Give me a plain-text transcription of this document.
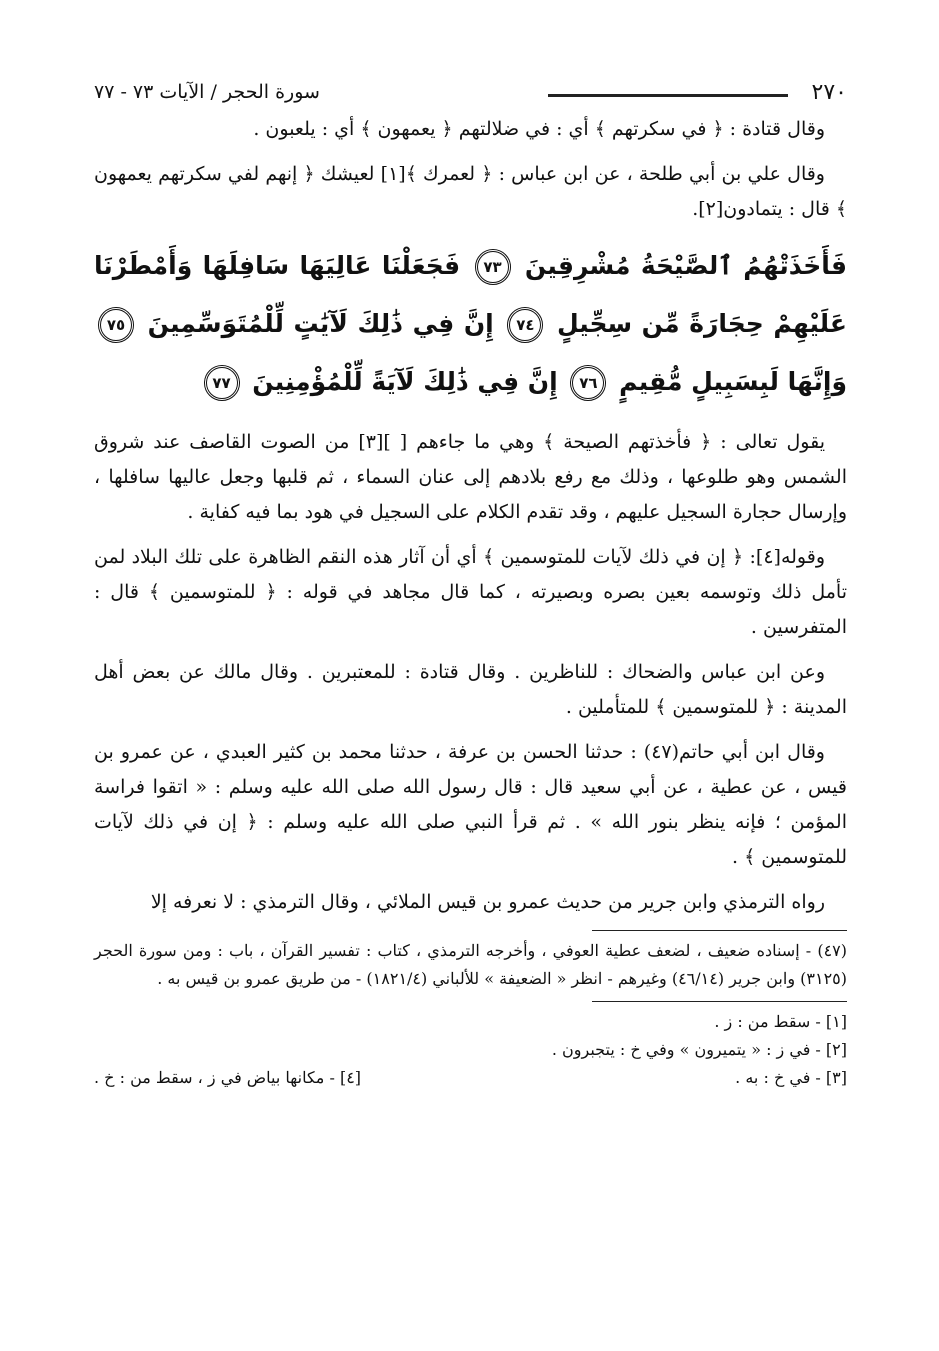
٢٧٠
سورة الحجر / الآيات ٧٣ - ٧٧

وقال قتادة : ﴿ في سكرتهم ﴾ أي : في ضلالتهم ﴿ يعمهون ﴾ أي : يلعبون .

وقال علي بن أبي طلحة ، عن ابن عباس : ﴿ لعمرك ﴾[١] لعيشك ﴿ إنهم لفي سكرتهم يعمهون ﴾ قال : يتمادون[٢].

فَأَخَذَتْهُمُ ٱلصَّيْحَةُ مُشْرِقِينَ ٧٣ فَجَعَلْنَا عَالِيَهَا سَافِلَهَا وَأَمْطَرْنَا عَلَيْهِمْ حِجَارَةً مِّن سِجِّيلٍ ٧٤ إِنَّ فِي ذَٰلِكَ لَآيَٰتٍ لِّلْمُتَوَسِّمِينَ ٧٥ وَإِنَّهَا لَبِسَبِيلٍ مُّقِيمٍ ٧٦ إِنَّ فِي ذَٰلِكَ لَآيَةً لِّلْمُؤْمِنِينَ ٧٧

يقول تعالى : ﴿ فأخذتهم الصيحة ﴾ وهي ما جاءهم [ ][٣] من الصوت القاصف عند شروق الشمس وهو طلوعها ، وذلك مع رفع بلادهم إلى عنان السماء ، ثم قلبها وجعل عاليها سافلها ، وإرسال حجارة السجيل عليهم ، وقد تقدم الكلام على السجيل في هود بما فيه كفاية .

وقوله[٤]: ﴿ إن في ذلك لآيات للمتوسمين ﴾ أي أن آثار هذه النقم الظاهرة على تلك البلاد لمن تأمل ذلك وتوسمه بعين بصره وبصيرته ، كما قال مجاهد في قوله : ﴿ للمتوسمين ﴾ قال : المتفرسين .

وعن ابن عباس والضحاك : للناظرين . وقال قتادة : للمعتبرين . وقال مالك عن بعض أهل المدينة : ﴿ للمتوسمين ﴾ للمتأملين .

وقال ابن أبي حاتم(٤٧) : حدثنا الحسن بن عرفة ، حدثنا محمد بن كثير العبدي ، عن عمرو بن قيس ، عن عطية ، عن أبي سعيد قال : قال رسول الله صلى الله عليه وسلم : « اتقوا فراسة المؤمن ؛ فإنه ينظر بنور الله » . ثم قرأ النبي صلى الله عليه وسلم : ﴿ إن في ذلك لآيات للمتوسمين ﴾ .

رواه الترمذي وابن جرير من حديث عمرو بن قيس الملائي ، وقال الترمذي : لا نعرفه إلا

(٤٧) - إسناده ضعيف ، لضعف عطية العوفي ، وأخرجه الترمذي ، كتاب : تفسير القرآن ، باب : ومن سورة الحجر (٣١٢٥) وابن جرير (٤٦/١٤) وغيرهم - انظر « الضعيفة » للألباني (١٨٢١/٤) - من طريق عمرو بن قيس به .
[١] - سقط من : ز .
[٢] - في ز : « يتميرون » وفي خ : يتجبرون .
[٣] - في خ : به .
[٤] - مكانها بياض في ز ، سقط من : خ .
